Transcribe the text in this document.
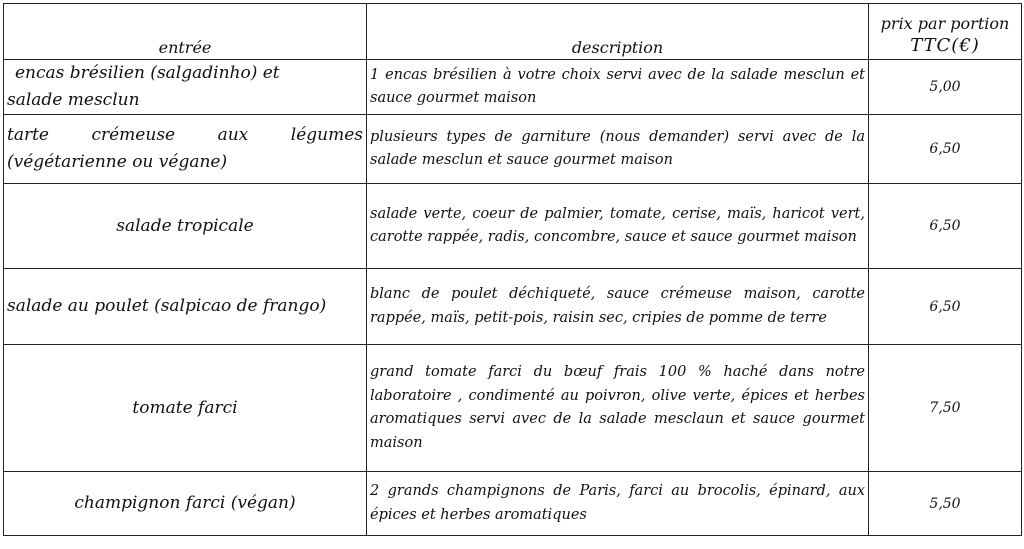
entrée	description	prix par portion
TTC(€)

encas brésilien (salgadinho) et
salade mesclun	1 encas brésilien à votre choix servi avec de la salade mesclun et sauce gourmet maison	5,00

tarte crémeuse aux légumes
(végétarienne ou végane)	plusieurs types de garniture (nous demander) servi avec de la salade mesclun et sauce gourmet maison	6,50
salade tropicale	salade verte, coeur de palmier, tomate, cerise, maïs, haricot vert, carotte rappée, radis, concombre, sauce et sauce gourmet maison	6,50
salade au poulet (salpicao de frango)	blanc de poulet déchiqueté, sauce crémeuse maison, carotte rappée, maïs, petit-pois, raisin sec, cripies de pomme de terre	6,50
tomate farci	grand tomate farci du bœuf frais 100 % haché dans notre laboratoire , condimenté au poivron, olive verte, épices et herbes aromatiques servi avec de la salade mesclaun et sauce gourmet maison	7,50
champignon farci (végan)	2 grands champignons de Paris, farci au brocolis, épinard, aux épices et herbes aromatiques	5,50
